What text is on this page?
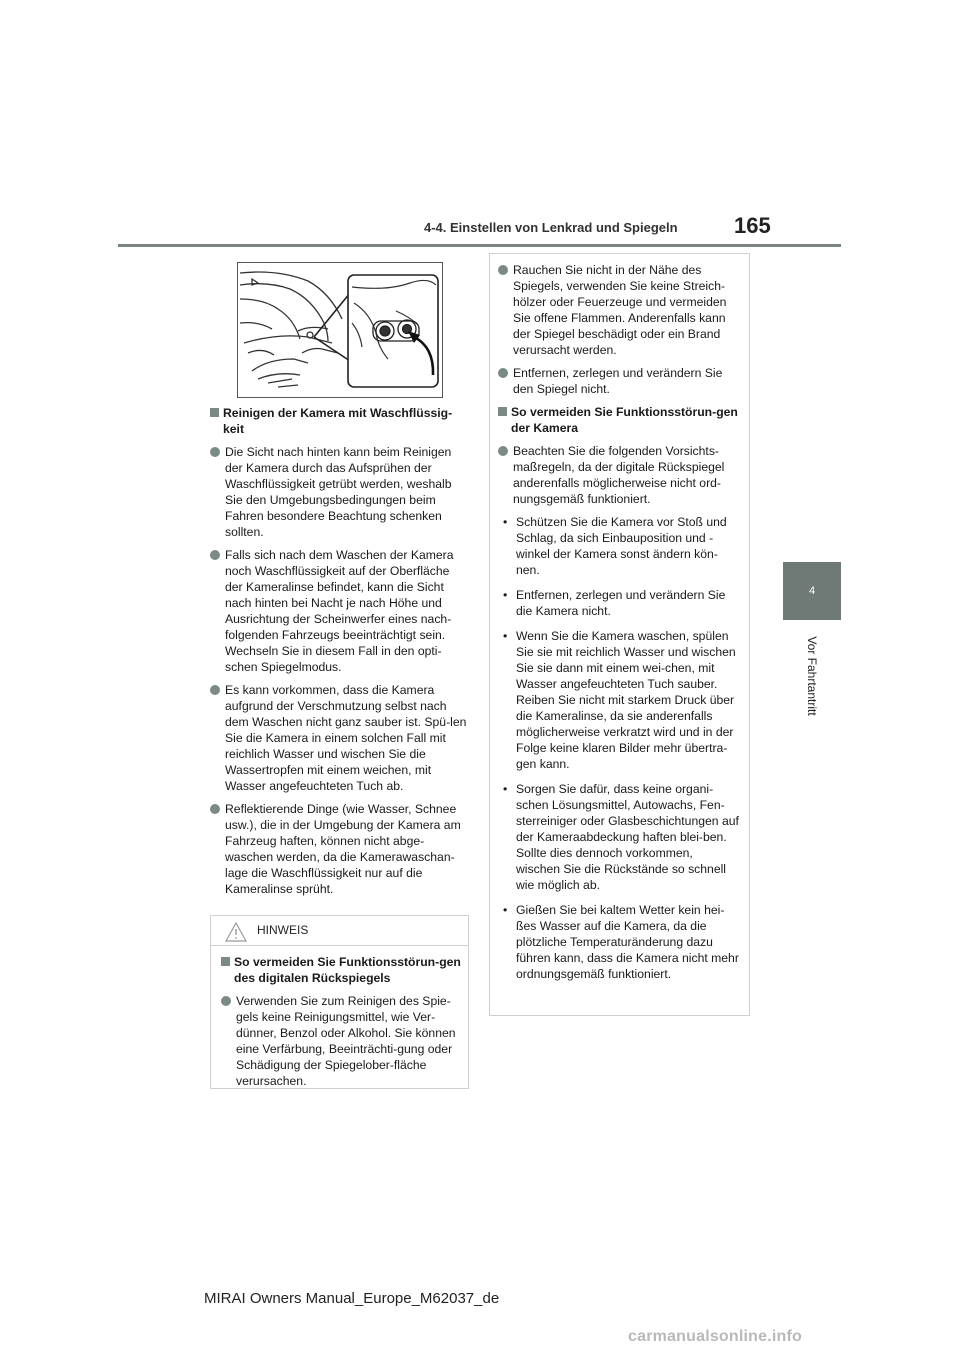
4-4. Einstellen von Lenkrad und Spiegeln	165
4
Vor Fahrtantritt
Reinigen der Kamera mit Waschflüssig-keit
Die Sicht nach hinten kann beim Reinigen der Kamera durch das Aufsprühen der Waschflüssigkeit getrübt werden, weshalb Sie den Umgebungsbedingungen beim Fahren besondere Beachtung schenken sollten.
Falls sich nach dem Waschen der Kamera noch Waschflüssigkeit auf der Oberfläche der Kameralinse befindet, kann die Sicht nach hinten bei Nacht je nach Höhe und Ausrichtung der Scheinwerfer eines nach-folgenden Fahrzeugs beeinträchtigt sein. Wechseln Sie in diesem Fall in den opti-schen Spiegelmodus.
Es kann vorkommen, dass die Kamera aufgrund der Verschmutzung selbst nach dem Waschen nicht ganz sauber ist. Spü-len Sie die Kamera in einem solchen Fall mit reichlich Wasser und wischen Sie die Wassertropfen mit einem weichen, mit Wasser angefeuchteten Tuch ab.
Reflektierende Dinge (wie Wasser, Schnee usw.), die in der Umgebung der Kamera am Fahrzeug haften, können nicht abge-waschen werden, da die Kamerawaschan-lage die Waschflüssigkeit nur auf die Kameralinse sprüht.
HINWEIS
So vermeiden Sie Funktionsstörun-gen des digitalen Rückspiegels
Verwenden Sie zum Reinigen des Spie-gels keine Reinigungsmittel, wie Ver-dünner, Benzol oder Alkohol. Sie können eine Verfärbung, Beeinträchti-gung oder Schädigung der Spiegelober-fläche verursachen.
Rauchen Sie nicht in der Nähe des Spiegels, verwenden Sie keine Streich-hölzer oder Feuerzeuge und vermeiden Sie offene Flammen. Anderenfalls kann der Spiegel beschädigt oder ein Brand verursacht werden.
Entfernen, zerlegen und verändern Sie den Spiegel nicht.
So vermeiden Sie Funktionsstörun-gen der Kamera
Beachten Sie die folgenden Vorsichts-maßregeln, da der digitale Rückspiegel anderenfalls möglicherweise nicht ord-nungsgemäß funktioniert.
• Schützen Sie die Kamera vor Stoß und Schlag, da sich Einbauposition und -winkel der Kamera sonst ändern kön-nen.

• Entfernen, zerlegen und verändern Sie die Kamera nicht.

• Wenn Sie die Kamera waschen, spülen Sie sie mit reichlich Wasser und wischen Sie sie dann mit einem wei-chen, mit Wasser angefeuchteten Tuch sauber.

Reiben Sie nicht mit starkem Druck über die Kameralinse, da sie anderenfalls möglicherweise verkratzt wird und in der Folge keine klaren Bilder mehr übertra-gen kann.

• Sorgen Sie dafür, dass keine organi-schen Lösungsmittel, Autowachs, Fen-sterreiniger oder Glasbeschichtungen auf der Kameraabdeckung haften blei-ben. Sollte dies dennoch vorkommen, wischen Sie die Rückstände so schnell wie möglich ab.

• Gießen Sie bei kaltem Wetter kein hei-ßes Wasser auf die Kamera, da die plötzliche Temperaturänderung dazu führen kann, dass die Kamera nicht mehr ordnungsgemäß funktioniert.

MIRAI Owners Manual_Europe_M62037_de
carmanualsonline.info
